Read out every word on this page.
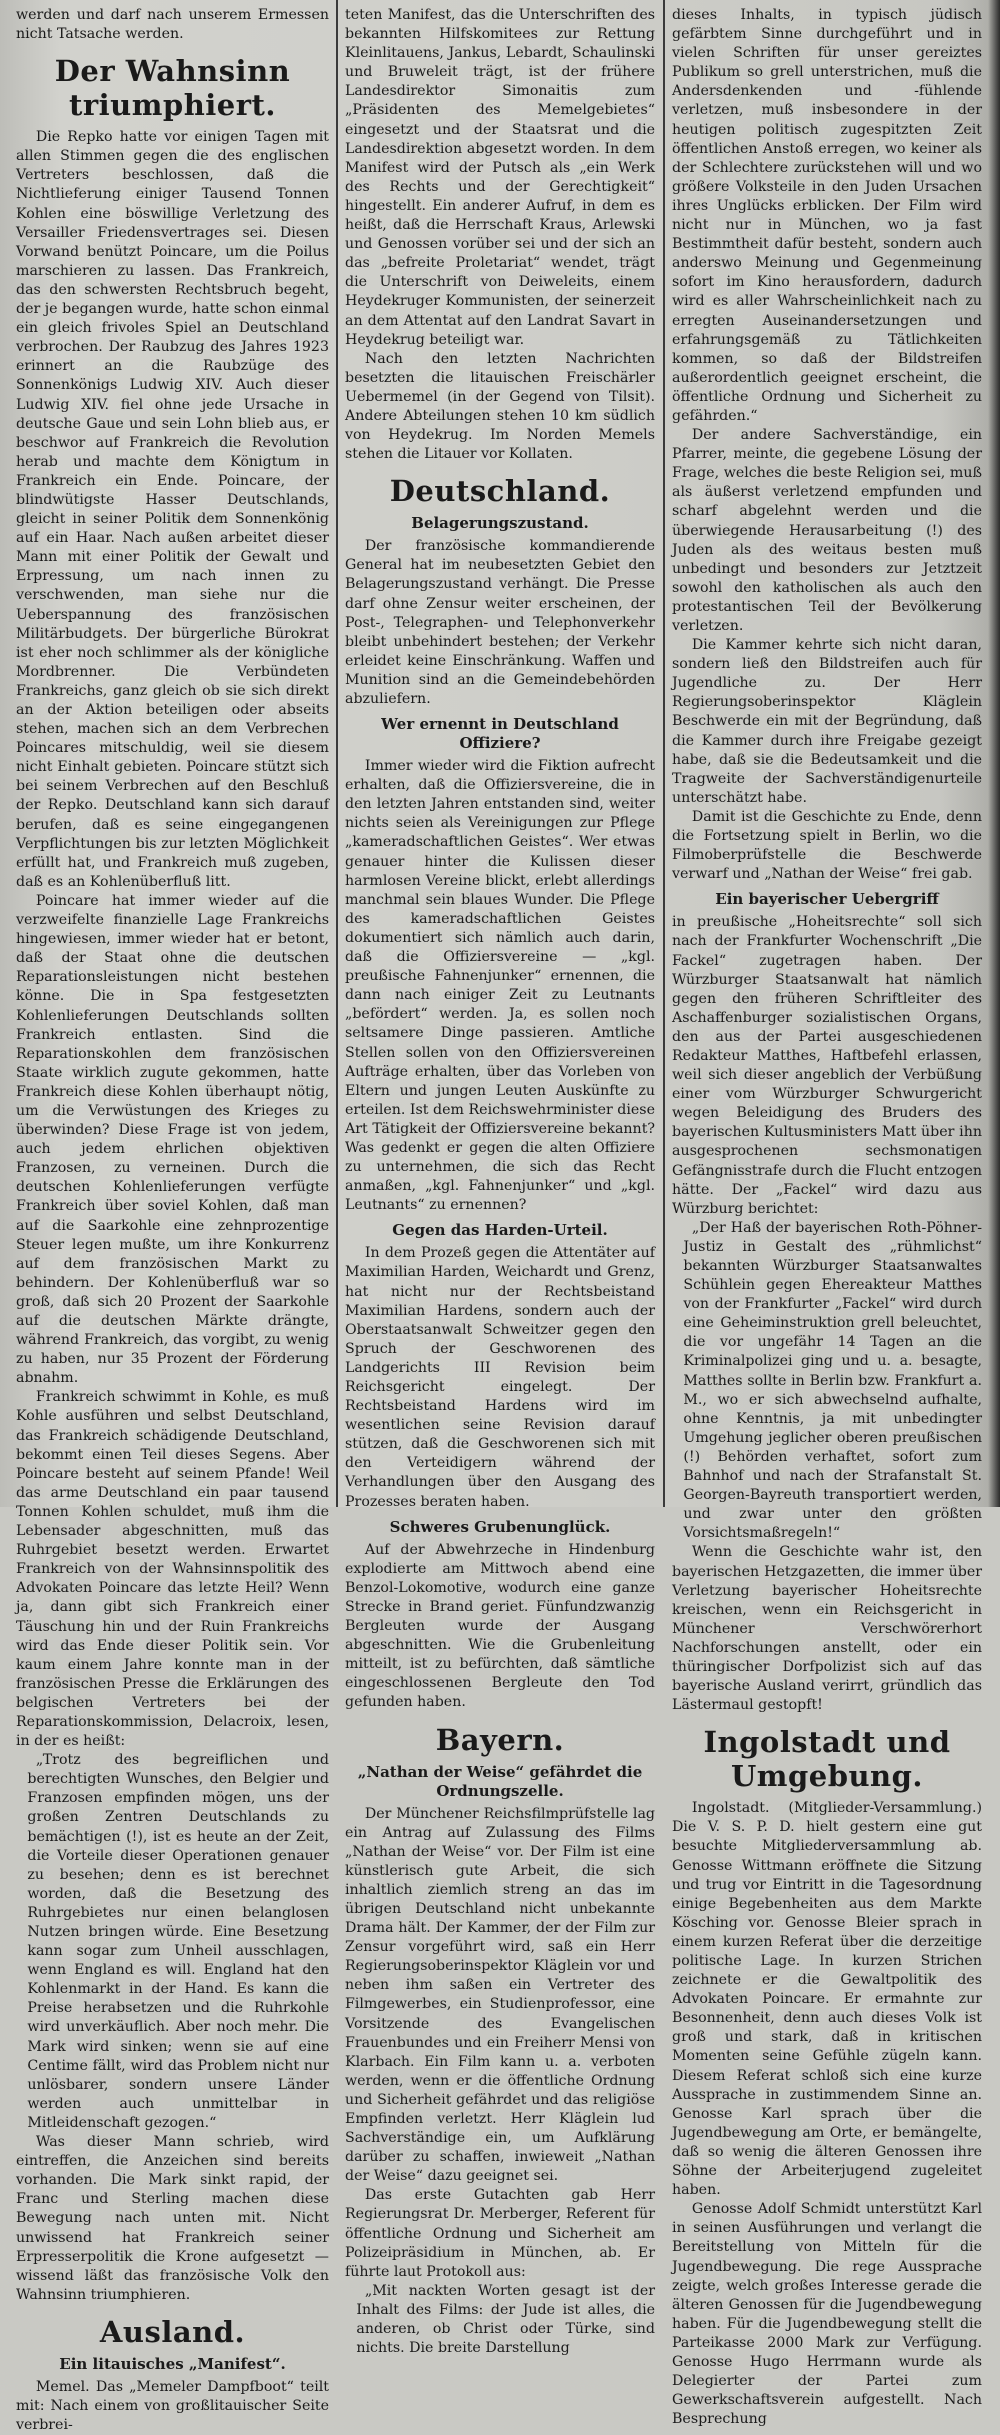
werden und darf nach unserem Ermessen nicht Tatsache werden.

Der Wahnsinn triumphiert.

Die Repko hatte vor einigen Tagen mit allen Stimmen gegen die des englischen Vertreters beschlossen, daß die Nichtlieferung einiger Tausend Tonnen Kohlen eine böswillige Verletzung des Versailler Friedensvertrages sei. Diesen Vorwand benützt Poincare, um die Poilus marschieren zu lassen. Das Frankreich, das den schwersten Rechtsbruch begeht, der je begangen wurde, hatte schon einmal ein gleich frivoles Spiel an Deutschland verbrochen. Der Raubzug des Jahres 1923 erinnert an die Raubzüge des Sonnenkönigs Ludwig XIV. Auch dieser Ludwig XIV. fiel ohne jede Ursache in deutsche Gaue und sein Lohn blieb aus, er beschwor auf Frankreich die Revolution herab und machte dem Königtum in Frankreich ein Ende. Poincare, der blindwütigste Hasser Deutschlands, gleicht in seiner Politik dem Sonnenkönig auf ein Haar. Nach außen arbeitet dieser Mann mit einer Politik der Gewalt und Erpressung, um nach innen zu verschwenden, man siehe nur die Ueberspannung des französischen Militärbudgets. Der bürgerliche Bürokrat ist eher noch schlimmer als der königliche Mordbrenner. Die Verbündeten Frankreichs, ganz gleich ob sie sich direkt an der Aktion beteiligen oder abseits stehen, machen sich an dem Verbrechen Poincares mitschuldig, weil sie diesem nicht Einhalt gebieten. Poincare stützt sich bei seinem Verbrechen auf den Beschluß der Repko. Deutschland kann sich darauf berufen, daß es seine eingegangenen Verpflichtungen bis zur letzten Möglichkeit erfüllt hat, und Frankreich muß zugeben, daß es an Kohlenüberfluß litt.

Poincare hat immer wieder auf die verzweifelte finanzielle Lage Frankreichs hingewiesen, immer wieder hat er betont, daß der Staat ohne die deutschen Reparationsleistungen nicht bestehen könne. Die in Spa festgesetzten Kohlenlieferungen Deutschlands sollten Frankreich entlasten. Sind die Reparationskohlen dem französischen Staate wirklich zugute gekommen, hatte Frankreich diese Kohlen überhaupt nötig, um die Verwüstungen des Krieges zu überwinden? Diese Frage ist von jedem, auch jedem ehrlichen objektiven Franzosen, zu verneinen. Durch die deutschen Kohlenlieferungen verfügte Frankreich über soviel Kohlen, daß man auf die Saarkohle eine zehnprozentige Steuer legen mußte, um ihre Konkurrenz auf dem französischen Markt zu behindern. Der Kohlenüberfluß war so groß, daß sich 20 Prozent der Saarkohle auf die deutschen Märkte drängte, während Frankreich, das vorgibt, zu wenig zu haben, nur 35 Prozent der Förderung abnahm.

Frankreich schwimmt in Kohle, es muß Kohle ausführen und selbst Deutschland, das Frankreich schädigende Deutschland, bekommt einen Teil dieses Segens. Aber Poincare besteht auf seinem Pfande! Weil das arme Deutschland ein paar tausend Tonnen Kohlen schuldet, muß ihm die Lebensader abgeschnitten, muß das Ruhrgebiet besetzt werden. Erwartet Frankreich von der Wahnsinnspolitik des Advokaten Poincare das letzte Heil? Wenn ja, dann gibt sich Frankreich einer Täuschung hin und der Ruin Frankreichs wird das Ende dieser Politik sein. Vor kaum einem Jahre konnte man in der französischen Presse die Erklärungen des belgischen Vertreters bei der Reparationskommission, Delacroix, lesen, in der es heißt:

„Trotz des begreiflichen und berechtigten Wunsches, den Belgier und Franzosen empfinden mögen, uns der großen Zentren Deutschlands zu bemächtigen (!), ist es heute an der Zeit, die Vorteile dieser Operationen genauer zu besehen; denn es ist berechnet worden, daß die Besetzung des Ruhrgebietes nur einen belanglosen Nutzen bringen würde. Eine Besetzung kann sogar zum Unheil ausschlagen, wenn England es will. England hat den Kohlenmarkt in der Hand. Es kann die Preise herabsetzen und die Ruhrkohle wird unverkäuflich. Aber noch mehr. Die Mark wird sinken; wenn sie auf eine Centime fällt, wird das Problem nicht nur unlösbarer, sondern unsere Länder werden auch unmittelbar in Mitleidenschaft gezogen.“

Was dieser Mann schrieb, wird eintreffen, die Anzeichen sind bereits vorhanden. Die Mark sinkt rapid, der Franc und Sterling machen diese Bewegung nach unten mit. Nicht unwissend hat Frankreich seiner Erpresserpolitik die Krone aufgesetzt — wissend läßt das französische Volk den Wahnsinn triumphieren.

Ausland.
Ein litauisches „Manifest“.

Memel. Das „Memeler Dampfboot“ teilt mit: Nach einem von großlitauischer Seite verbrei-

teten Manifest, das die Unterschriften des bekannten Hilfskomitees zur Rettung Kleinlitauens, Jankus, Lebardt, Schaulinski und Bruweleit trägt, ist der frühere Landesdirektor Simonaitis zum „Präsidenten des Memelgebietes“ eingesetzt und der Staatsrat und die Landesdirektion abgesetzt worden. In dem Manifest wird der Putsch als „ein Werk des Rechts und der Gerechtigkeit“ hingestellt. Ein anderer Aufruf, in dem es heißt, daß die Herrschaft Kraus, Arlewski und Genossen vorüber sei und der sich an das „befreite Proletariat“ wendet, trägt die Unterschrift von Deiweleits, einem Heydekruger Kommunisten, der seinerzeit an dem Attentat auf den Landrat Savart in Heydekrug beteiligt war.

Nach den letzten Nachrichten besetzten die litauischen Freischärler Uebermemel (in der Gegend von Tilsit). Andere Abteilungen stehen 10 km südlich von Heydekrug. Im Norden Memels stehen die Litauer vor Kollaten.

Deutschland.
Belagerungszustand.

Der französische kommandierende General hat im neubesetzten Gebiet den Belagerungszustand verhängt. Die Presse darf ohne Zensur weiter erscheinen, der Post-, Telegraphen- und Telephonverkehr bleibt unbehindert bestehen; der Verkehr erleidet keine Einschränkung. Waffen und Munition sind an die Gemeindebehörden abzuliefern.

Wer ernennt in Deutschland Offiziere?

Immer wieder wird die Fiktion aufrecht erhalten, daß die Offiziersvereine, die in den letzten Jahren entstanden sind, weiter nichts seien als Vereinigungen zur Pflege „kameradschaftlichen Geistes“. Wer etwas genauer hinter die Kulissen dieser harmlosen Vereine blickt, erlebt allerdings manchmal sein blaues Wunder. Die Pflege des kameradschaftlichen Geistes dokumentiert sich nämlich auch darin, daß die Offiziersvereine — „kgl. preußische Fahnenjunker“ ernennen, die dann nach einiger Zeit zu Leutnants „befördert“ werden. Ja, es sollen noch seltsamere Dinge passieren. Amtliche Stellen sollen von den Offiziersvereinen Aufträge erhalten, über das Vorleben von Eltern und jungen Leuten Auskünfte zu erteilen. Ist dem Reichswehrminister diese Art Tätigkeit der Offiziersvereine bekannt? Was gedenkt er gegen die alten Offiziere zu unternehmen, die sich das Recht anmaßen, „kgl. Fahnenjunker“ und „kgl. Leutnants“ zu ernennen?

Gegen das Harden-Urteil.

In dem Prozeß gegen die Attentäter auf Maximilian Harden, Weichardt und Grenz, hat nicht nur der Rechtsbeistand Maximilian Hardens, sondern auch der Oberstaatsanwalt Schweitzer gegen den Spruch der Geschworenen des Landgerichts III Revision beim Reichsgericht eingelegt. Der Rechtsbeistand Hardens wird im wesentlichen seine Revision darauf stützen, daß die Geschworenen sich mit den Verteidigern während der Verhandlungen über den Ausgang des Prozesses beraten haben.

Schweres Grubenunglück.

Auf der Abwehrzeche in Hindenburg explodierte am Mittwoch abend eine Benzol-Lokomotive, wodurch eine ganze Strecke in Brand geriet. Fünfundzwanzig Bergleuten wurde der Ausgang abgeschnitten. Wie die Grubenleitung mitteilt, ist zu befürchten, daß sämtliche eingeschlossenen Bergleute den Tod gefunden haben.

Bayern.
„Nathan der Weise“ gefährdet die Ordnungszelle.

Der Münchener Reichsfilmprüfstelle lag ein Antrag auf Zulassung des Films „Nathan der Weise“ vor. Der Film ist eine künstlerisch gute Arbeit, die sich inhaltlich ziemlich streng an das im übrigen Deutschland nicht unbekannte Drama hält. Der Kammer, der der Film zur Zensur vorgeführt wird, saß ein Herr Regierungsoberinspektor Kläglein vor und neben ihm saßen ein Vertreter des Filmgewerbes, ein Studienprofessor, eine Vorsitzende des Evangelischen Frauenbundes und ein Freiherr Mensi von Klarbach. Ein Film kann u. a. verboten werden, wenn er die öffentliche Ordnung und Sicherheit gefährdet und das religiöse Empfinden verletzt. Herr Kläglein lud Sachverständige ein, um Aufklärung darüber zu schaffen, inwieweit „Nathan der Weise“ dazu geeignet sei.

Das erste Gutachten gab Herr Regierungsrat Dr. Merberger, Referent für öffentliche Ordnung und Sicherheit am Polizeipräsidium in München, ab. Er führte laut Protokoll aus:

„Mit nackten Worten gesagt ist der Inhalt des Films: der Jude ist alles, die anderen, ob Christ oder Türke, sind nichts. Die breite Darstellung

dieses Inhalts, in typisch jüdisch gefärbtem Sinne durchgeführt und in vielen Schriften für unser gereiztes Publikum so grell unterstrichen, muß die Andersdenkenden und -fühlende verletzen, muß insbesondere in der heutigen politisch zugespitzten Zeit öffentlichen Anstoß erregen, wo keiner als der Schlechtere zurückstehen will und wo größere Volksteile in den Juden Ursachen ihres Unglücks erblicken. Der Film wird nicht nur in München, wo ja fast Bestimmtheit dafür besteht, sondern auch anderswo Meinung und Gegenmeinung sofort im Kino herausfordern, dadurch wird es aller Wahrscheinlichkeit nach zu erregten Auseinandersetzungen und erfahrungsgemäß zu Tätlichkeiten kommen, so daß der Bildstreifen außerordentlich geeignet erscheint, die öffentliche Ordnung und Sicherheit zu gefährden.“

Der andere Sachverständige, ein Pfarrer, meinte, die gegebene Lösung der Frage, welches die beste Religion sei, muß als äußerst verletzend empfunden und scharf abgelehnt werden und die überwiegende Herausarbeitung (!) des Juden als des weitaus besten muß unbedingt und besonders zur Jetztzeit sowohl den katholischen als auch den protestantischen Teil der Bevölkerung verletzen.

Die Kammer kehrte sich nicht daran, sondern ließ den Bildstreifen auch für Jugendliche zu. Der Herr Regierungsoberinspektor Kläglein Beschwerde ein mit der Begründung, daß die Kammer durch ihre Freigabe gezeigt habe, daß sie die Bedeutsamkeit und die Tragweite der Sachverständigenurteile unterschätzt habe.

Damit ist die Geschichte zu Ende, denn die Fortsetzung spielt in Berlin, wo die Filmoberprüfstelle die Beschwerde verwarf und „Nathan der Weise“ frei gab.

Ein bayerischer Uebergriff

in preußische „Hoheitsrechte“ soll sich nach der Frankfurter Wochenschrift „Die Fackel“ zugetragen haben. Der Würzburger Staatsanwalt hat nämlich gegen den früheren Schriftleiter des Aschaffenburger sozialistischen Organs, den aus der Partei ausgeschiedenen Redakteur Matthes, Haftbefehl erlassen, weil sich dieser angeblich der Verbüßung einer vom Würzburger Schwurgericht wegen Beleidigung des Bruders des bayerischen Kultusministers Matt über ihn ausgesprochenen sechsmonatigen Gefängnisstrafe durch die Flucht entzogen hätte. Der „Fackel“ wird dazu aus Würzburg berichtet:

„Der Haß der bayerischen Roth-Pöhner-Justiz in Gestalt des „rühmlichst“ bekannten Würzburger Staatsanwaltes Schühlein gegen Ehereakteur Matthes von der Frankfurter „Fackel“ wird durch eine Geheiminstruktion grell beleuchtet, die vor ungefähr 14 Tagen an die Kriminalpolizei ging und u. a. besagte, Matthes sollte in Berlin bzw. Frankfurt a. M., wo er sich abwechselnd aufhalte, ohne Kenntnis, ja mit unbedingter Umgehung jeglicher oberen preußischen (!) Behörden verhaftet, sofort zum Bahnhof und nach der Strafanstalt St. Georgen-Bayreuth transportiert werden, und zwar unter den größten Vorsichtsmaßregeln!“

Wenn die Geschichte wahr ist, den bayerischen Hetzgazetten, die immer über Verletzung bayerischer Hoheitsrechte kreischen, wenn ein Reichsgericht in Münchener Verschwörerhort Nachforschungen anstellt, oder ein thüringischer Dorfpolizist sich auf das bayerische Ausland verirrt, gründlich das Lästermaul gestopft!

Ingolstadt und Umgebung.

Ingolstadt. (Mitglieder-Versammlung.) Die V. S. P. D. hielt gestern eine gut besuchte Mitgliederversammlung ab. Genosse Wittmann eröffnete die Sitzung und trug vor Eintritt in die Tagesordnung einige Begebenheiten aus dem Markte Kösching vor. Genosse Bleier sprach in einem kurzen Referat über die derzeitige politische Lage. In kurzen Strichen zeichnete er die Gewaltpolitik des Advokaten Poincare. Er ermahnte zur Besonnenheit, denn auch dieses Volk ist groß und stark, daß in kritischen Momenten seine Gefühle zügeln kann. Diesem Referat schloß sich eine kurze Aussprache in zustimmendem Sinne an. Genosse Karl sprach über die Jugendbewegung am Orte, er bemängelte, daß so wenig die älteren Genossen ihre Söhne der Arbeiterjugend zugeleitet haben.

Genosse Adolf Schmidt unterstützt Karl in seinen Ausführungen und verlangt die Bereitstellung von Mitteln für die Jugendbewegung. Die rege Aussprache zeigte, welch großes Interesse gerade die älteren Genossen für die Jugendbewegung haben. Für die Jugendbewegung stellt die Parteikasse 2000 Mark zur Verfügung. Genosse Hugo Herrmann wurde als Delegierter der Partei zum Gewerkschaftsverein aufgestellt. Nach Besprechung
